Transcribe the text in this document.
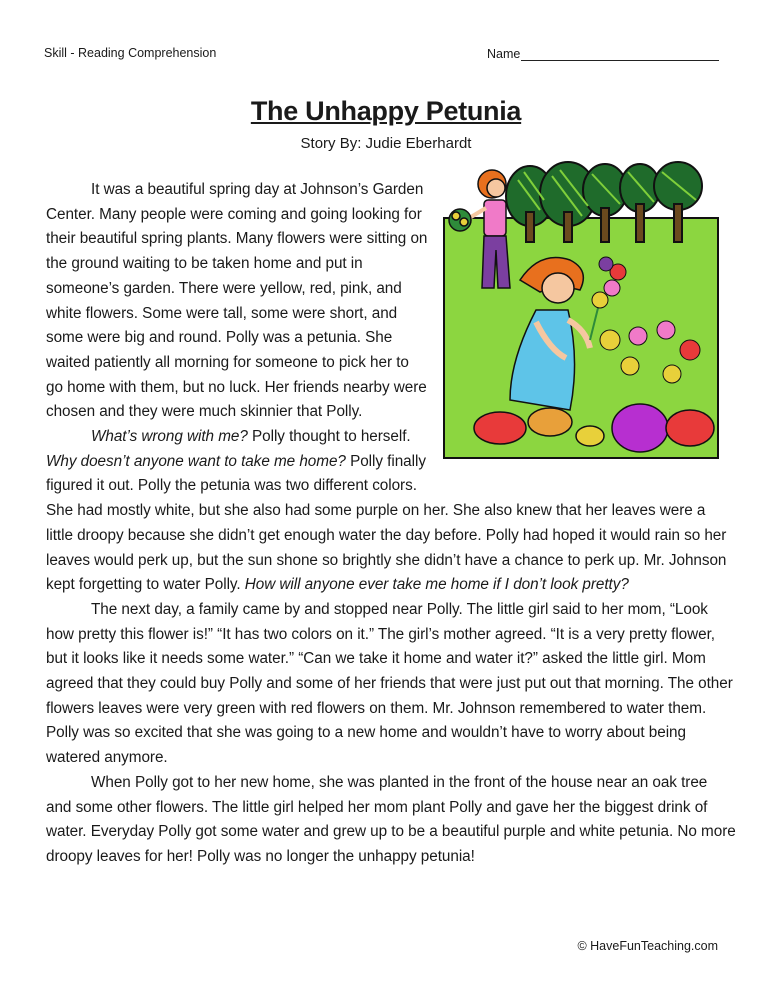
Skill - Reading Comprehension	Name
The Unhappy Petunia
Story By: Judie Eberhardt

It was a beautiful spring day at Johnson’s Garden Center. Many people were coming and going looking for their beautiful spring plants. Many flowers were sitting on the ground waiting to be taken home and put in someone’s garden. There were yellow, red, pink, and white flowers. Some were tall, some were short, and some were big and round. Polly was a petunia. She waited patiently all morning for someone to pick her to go home with them, but no luck. Her friends nearby were chosen and they were much skinnier that Polly.

What’s wrong with me? Polly thought to herself. Why doesn’t anyone want to take me home? Polly finally figured it out. Polly the petunia was two different colors. She had mostly white, but she also had some purple on her. She also knew that her leaves were a little droopy because she didn’t get enough water the day before. Polly had hoped it would rain so her leaves would perk up, but the sun shone so brightly she didn’t have a chance to perk up. Mr. Johnson kept forgetting to water Polly. How will anyone ever take me home if I don’t look pretty?

The next day, a family came by and stopped near Polly. The little girl said to her mom, “Look how pretty this flower is!” “It has two colors on it.” The girl’s mother agreed. “It is a very pretty flower, but it looks like it needs some water.” “Can we take it home and water it?” asked the little girl. Mom agreed that they could buy Polly and some of her friends that were just put out that morning. The other flowers leaves were very green with red flowers on them. Mr. Johnson remembered to water them. Polly was so excited that she was going to a new home and wouldn’t have to worry about being watered anymore.

When Polly got to her new home, she was planted in the front of the house near an oak tree and some other flowers. The little girl helped her mom plant Polly and gave her the biggest drink of water. Everyday Polly got some water and grew up to be a beautiful purple and white petunia. No more droopy leaves for her! Polly was no longer the unhappy petunia!

© HaveFunTeaching.com
